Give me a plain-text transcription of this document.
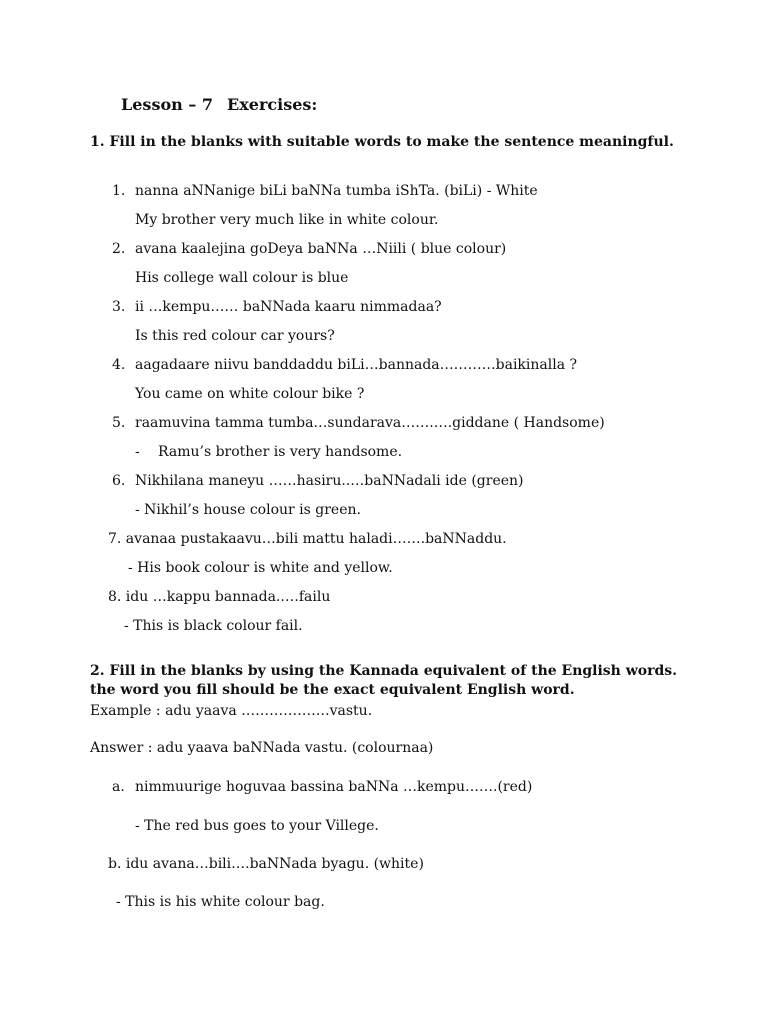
Lesson – 7 Exercises:
1. Fill in the blanks with suitable words to make the sentence meaningful.
1. nanna aNNanige biLi baNNa tumba iShTa. (biLi) - White
My brother very much like in white colour.
2. avana kaalejina goDeya baNNa …Niili ( blue colour)
His college wall colour is blue
3. ii …kempu…… baNNada kaaru nimmadaa?
Is this red colour car yours?
4. aagadaare niivu banddaddu biLi…bannada…………baikinalla ?
You came on white colour bike ?
5. raamuvina tamma tumba…sundarava…….….giddane ( Handsome)
- Ramu’s brother is very handsome.
6. Nikhilana maneyu ……hasiru..…baNNadali ide (green)
- Nikhil’s house colour is green.
7. avanaa pustakaavu…bili mattu haladi…….baNNaddu.
- His book colour is white and yellow.
8. idu …kappu bannada..…failu
- This is black colour fail.
2. Fill in the blanks by using the Kannada equivalent of the English words. the word you fill should be the exact equivalent English word.
Example : adu yaava ……………….vastu.
Answer : adu yaava baNNada vastu. (colournaa)
a. nimmuurige hoguvaa bassina baNNa …kempu…….(red)
- The red bus goes to your Villege.
b. idu avana…bili….baNNada byagu. (white)
- This is his white colour bag.
